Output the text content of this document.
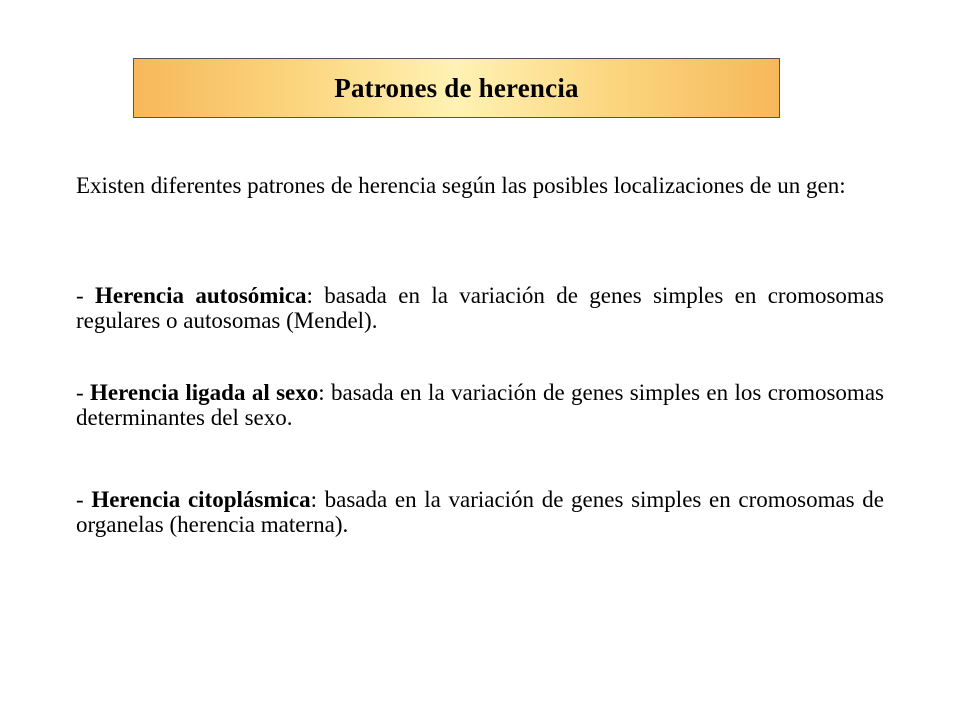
Patrones de herencia

Existen diferentes patrones de herencia según las posibles localizaciones de un gen:

- Herencia autosómica: basada en la variación de genes simples en cromosomas regulares o autosomas (Mendel).

- Herencia ligada al sexo: basada en la variación de genes simples en los cromosomas determinantes del sexo.

- Herencia citoplásmica: basada en la variación de genes simples en cromosomas de organelas (herencia materna).
